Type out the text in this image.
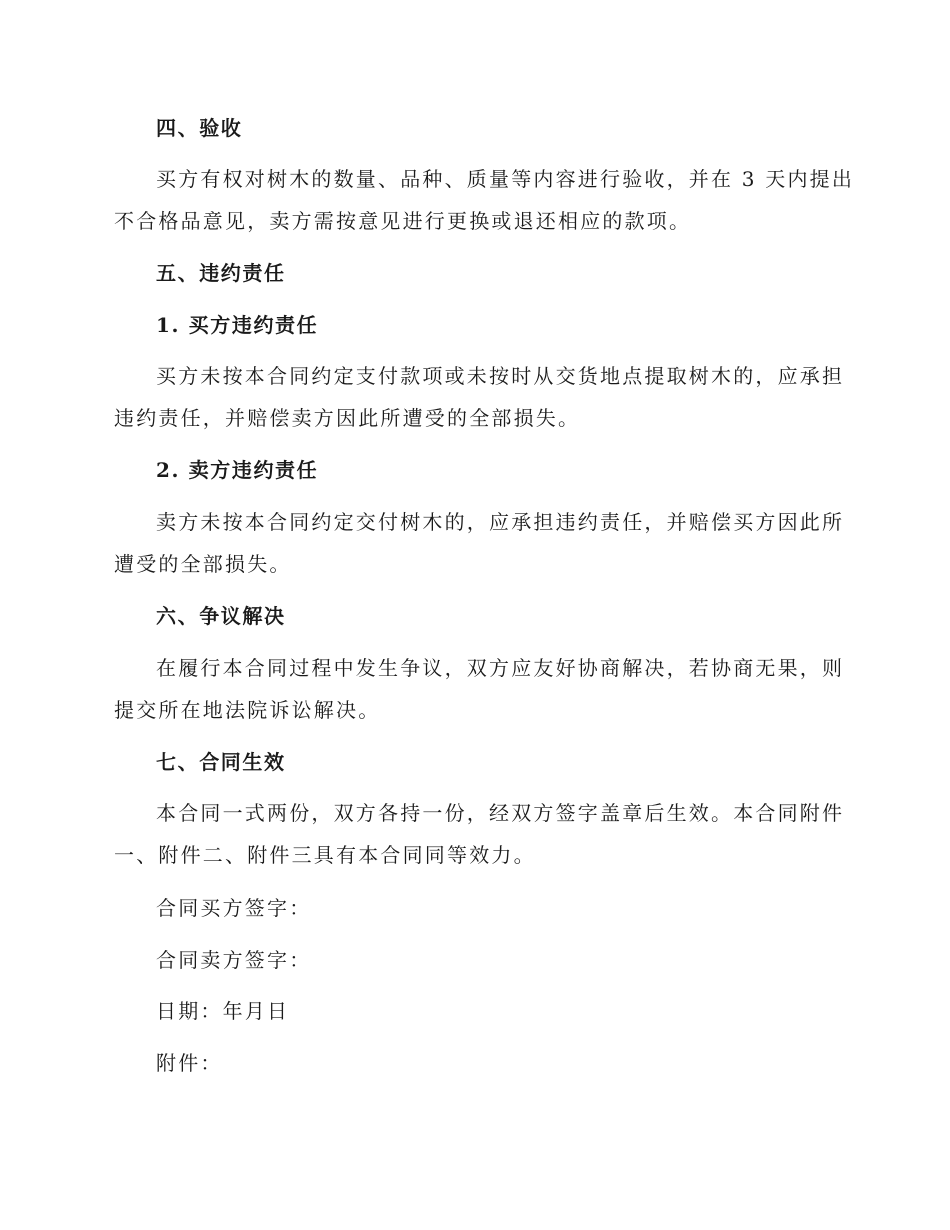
四、验收
买方有权对树木的数量、品种、质量等内容进行验收，并在 3 天内提出
不合格品意见，卖方需按意见进行更换或退还相应的款项。
五、违约责任
1. 买方违约责任
买方未按本合同约定支付款项或未按时从交货地点提取树木的，应承担
违约责任，并赔偿卖方因此所遭受的全部损失。
2. 卖方违约责任
卖方未按本合同约定交付树木的，应承担违约责任，并赔偿买方因此所
遭受的全部损失。
六、争议解决
在履行本合同过程中发生争议，双方应友好协商解决，若协商无果，则
提交所在地法院诉讼解决。
七、合同生效
本合同一式两份，双方各持一份，经双方签字盖章后生效。本合同附件
一、附件二、附件三具有本合同同等效力。
合同买方签字：
合同卖方签字：
日期：年月日
附件：
